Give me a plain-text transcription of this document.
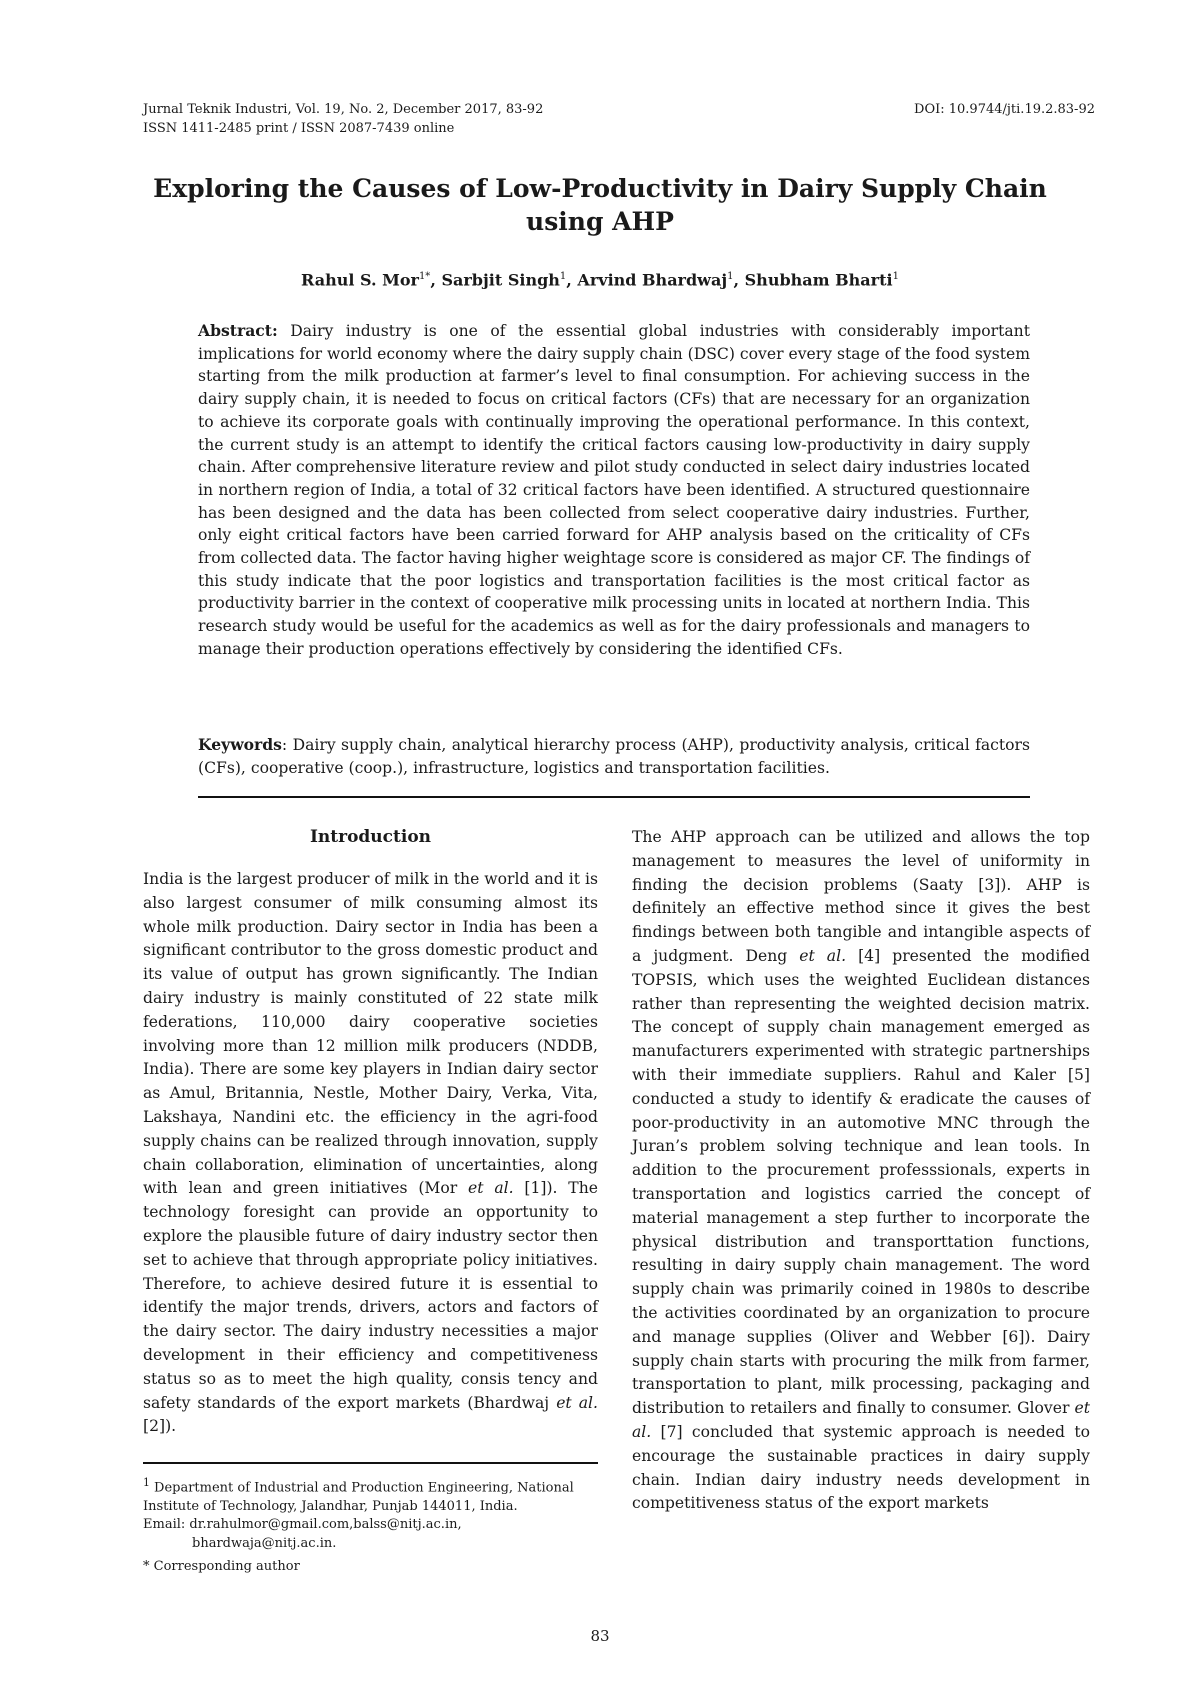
Jurnal Teknik Industri, Vol. 19, No. 2, December 2017, 83-92
ISSN 1411-2485 print / ISSN 2087-7439 online
DOI: 10.9744/jti.19.2.83-92
Exploring the Causes of Low-Productivity in Dairy Supply Chain using AHP
Rahul S. Mor$^{1*}$, Sarbjit Singh$^1$, Arvind Bhardwaj$^1$, Shubham Bharti$^1$

Abstract: Dairy industry is one of the essential global industries with considerably important implications for world economy where the dairy supply chain (DSC) cover every stage of the food system starting from the milk production at farmer’s level to final consumption. For achieving success in the dairy supply chain, it is needed to focus on critical factors (CFs) that are necessary for an organization to achieve its corporate goals with continually improving the operational performance. In this context, the current study is an attempt to identify the critical factors causing low-productivity in dairy supply chain. After comprehensive literature review and pilot study conducted in select dairy industries located in northern region of India, a total of 32 critical factors have been identified. A structured questionnaire has been designed and the data has been collected from select cooperative dairy industries. Further, only eight critical factors have been carried forward for AHP analysis based on the criticality of CFs from collected data. The factor having higher weightage score is considered as major CF. The findings of this study indicate that the poor logistics and transportation facilities is the most critical factor as productivity barrier in the context of cooperative milk processing units in located at northern India. This research study would be useful for the academics as well as for the dairy professionals and managers to manage their production operations effectively by considering the identified CFs.

Keywords: Dairy supply chain, analytical hierarchy process (AHP), productivity analysis, critical factors (CFs), cooperative (coop.), infrastructure, logistics and transportation facilities.

Introduction

India is the largest producer of milk in the world and it is also largest consumer of milk consuming almost its whole milk production. Dairy sector in India has been a significant contributor to the gross domestic product and its value of output has grown significantly. The Indian dairy industry is mainly constituted of 22 state milk federations, 110,000 dairy cooperative societies involving more than 12 million milk producers (NDDB, India). There are some key players in Indian dairy sector as Amul, Britannia, Nestle, Mother Dairy, Verka, Vita, Lakshaya, Nandini etc. the efficiency in the agri-food supply chains can be realized through innovation, supply chain collaboration, elimination of uncertainties, along with lean and green initiatives (Mor et al. [1]). The technology foresight can provide an opportunity to explore the plausible future of dairy industry sector then set to achieve that through appropriate policy initiatives. Therefore, to achieve desired future it is essential to identify the major trends, drivers, actors and factors of the dairy sector. The dairy industry necessities a major development in their efficiency and competitiveness status so as to meet the high quality, consis tency and safety standards of the export markets (Bhardwaj et al. [2]).

The AHP approach can be utilized and allows the top management to measures the level of uniformity in finding the decision problems (Saaty [3]). AHP is definitely an effective method since it gives the best findings between both tangible and intangible aspects of a judgment. Deng et al. [4] presented the modified TOPSIS, which uses the weighted Euclidean distances rather than representing the weighted decision matrix. The concept of supply chain management emerged as manufacturers experimented with strategic partnerships with their immediate suppliers. Rahul and Kaler [5] conducted a study to identify & eradicate the causes of poor-productivity in an automotive MNC through the Juran’s problem solving technique and lean tools. In addition to the procurement professsionals, experts in transportation and logistics carried the concept of material management a step further to incorporate the physical distribution and transporttation functions, resulting in dairy supply chain management. The word supply chain was primarily coined in 1980s to describe the activities coordinated by an organization to procure and manage supplies (Oliver and Webber [6]). Dairy supply chain starts with procuring the milk from farmer, transportation to plant, milk processing, packaging and distribution to retailers and finally to consumer. Glover et al. [7] concluded that systemic approach is needed to encourage the sustainable practices in dairy supply chain. Indian dairy industry needs development in competitiveness status of the export markets

$^1$ Department of Industrial and Production Engineering, National Institute of Technology, Jalandhar, Punjab 144011, India.
Email: dr.rahulmor@gmail.com,balss@nitj.ac.in,
bhardwaja@nitj.ac.in.

* Corresponding author

83
